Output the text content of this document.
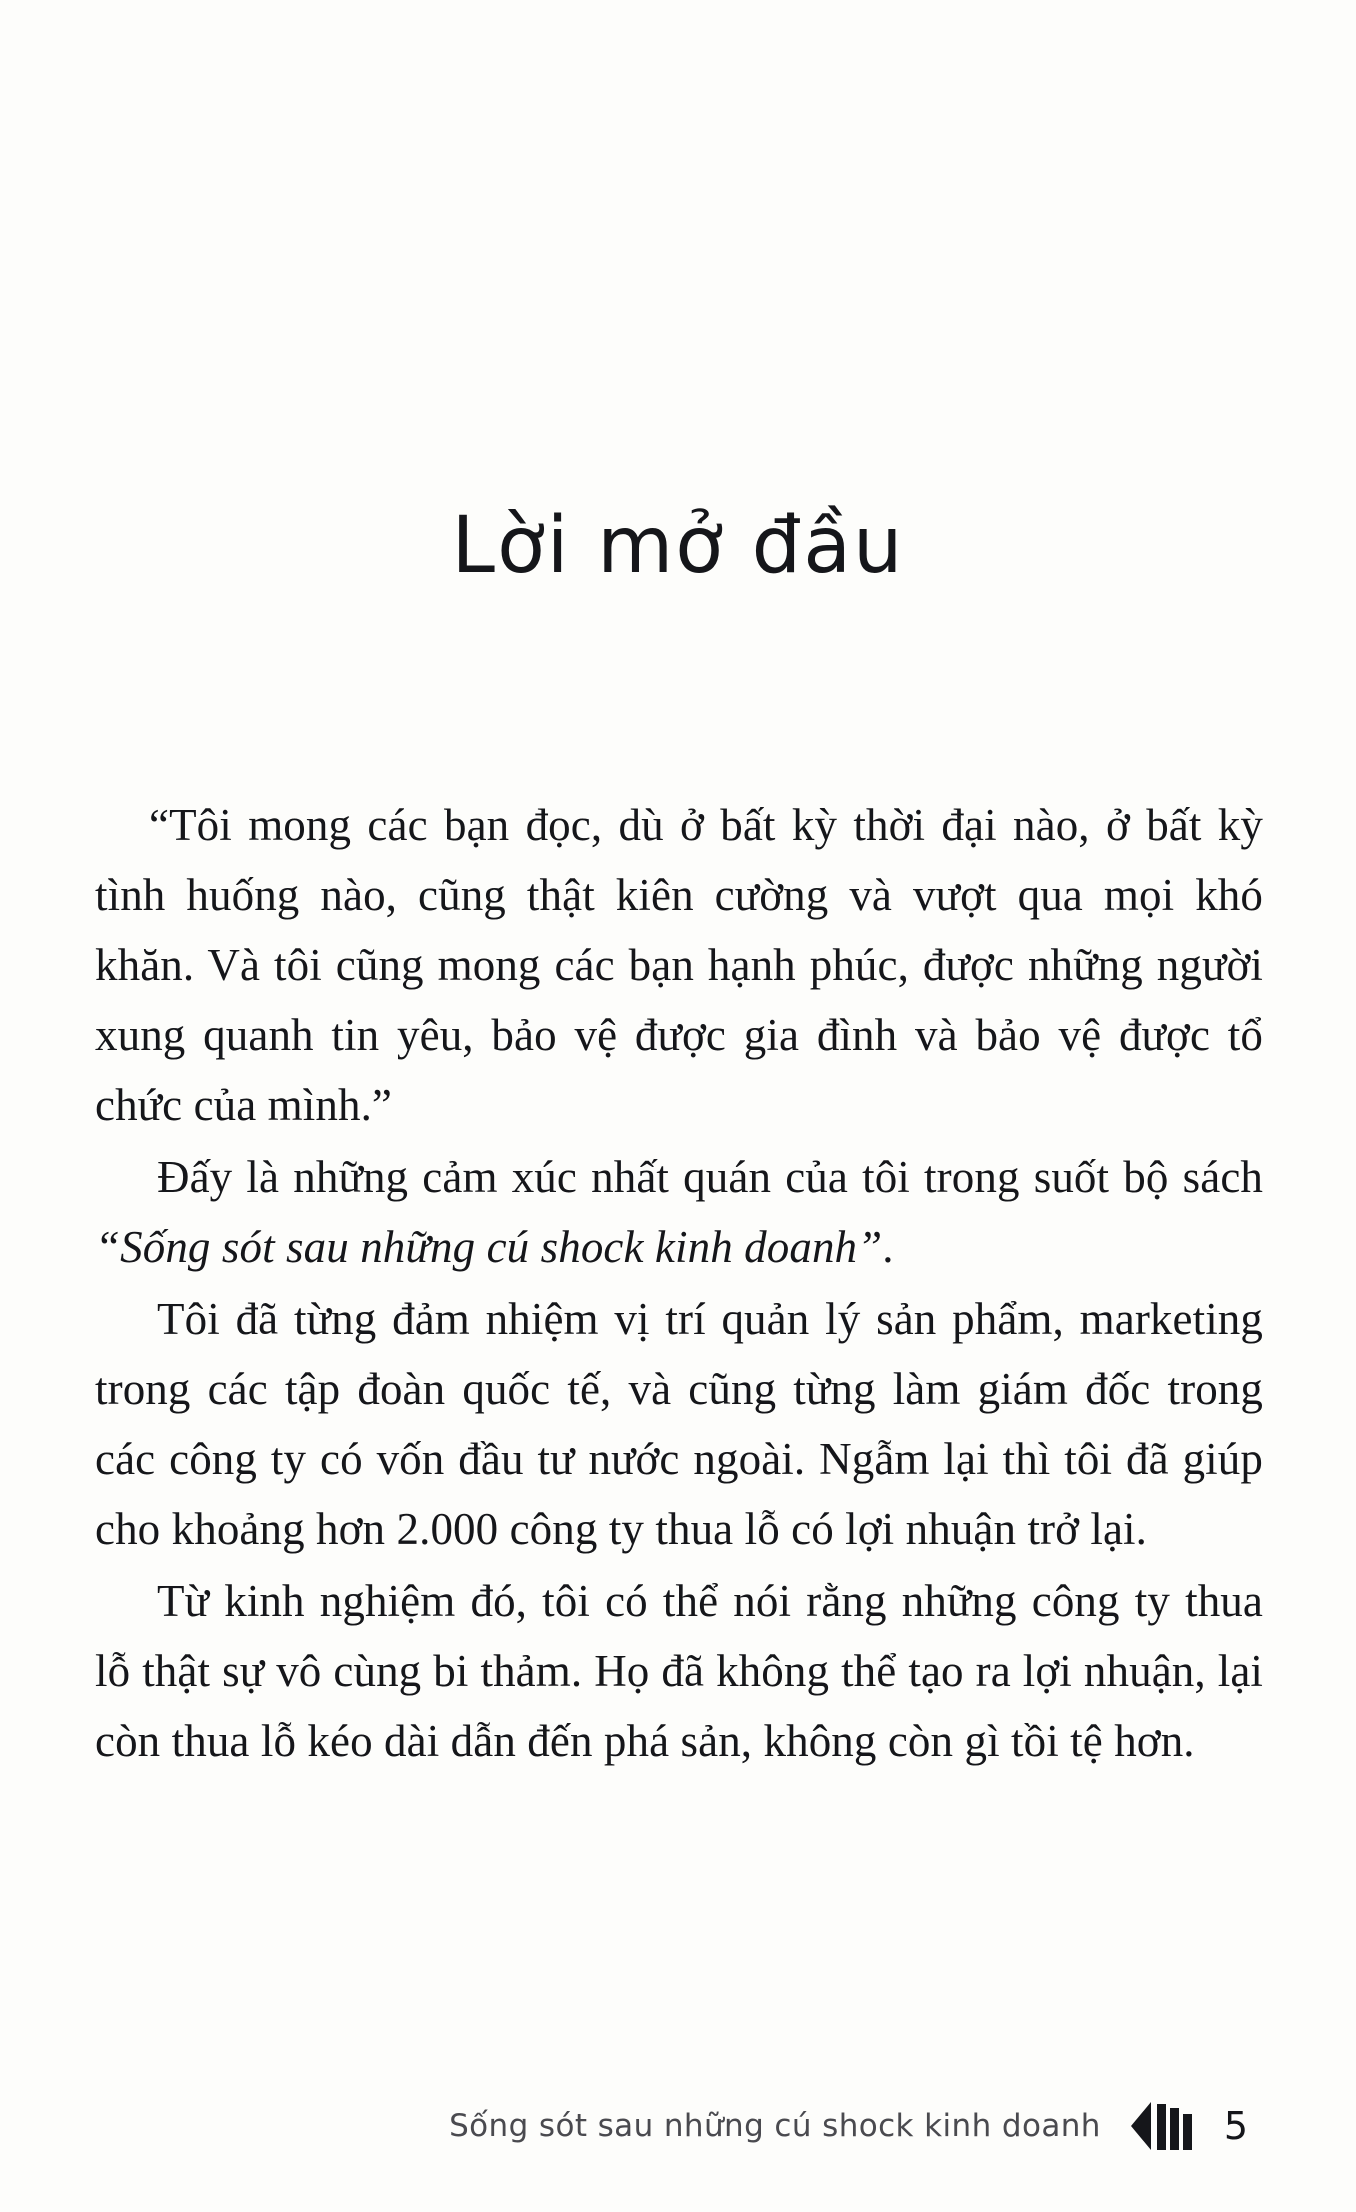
Lời mở đầu

“Tôi mong các bạn đọc, dù ở bất kỳ thời đại nào, ở bất kỳ tình huống nào, cũng thật kiên cường và vượt qua mọi khó khăn. Và tôi cũng mong các bạn hạnh phúc, được những người xung quanh tin yêu, bảo vệ được gia đình và bảo vệ được tổ chức của mình.”

Đấy là những cảm xúc nhất quán của tôi trong suốt bộ sách “Sống sót sau những cú shock kinh doanh”.

Tôi đã từng đảm nhiệm vị trí quản lý sản phẩm, marketing trong các tập đoàn quốc tế, và cũng từng làm giám đốc trong các công ty có vốn đầu tư nước ngoài. Ngẫm lại thì tôi đã giúp cho khoảng hơn 2.000 công ty thua lỗ có lợi nhuận trở lại.

Từ kinh nghiệm đó, tôi có thể nói rằng những công ty thua lỗ thật sự vô cùng bi thảm. Họ đã không thể tạo ra lợi nhuận, lại còn thua lỗ kéo dài dẫn đến phá sản, không còn gì tồi tệ hơn.

Sống sót sau những cú shock kinh doanh	5
